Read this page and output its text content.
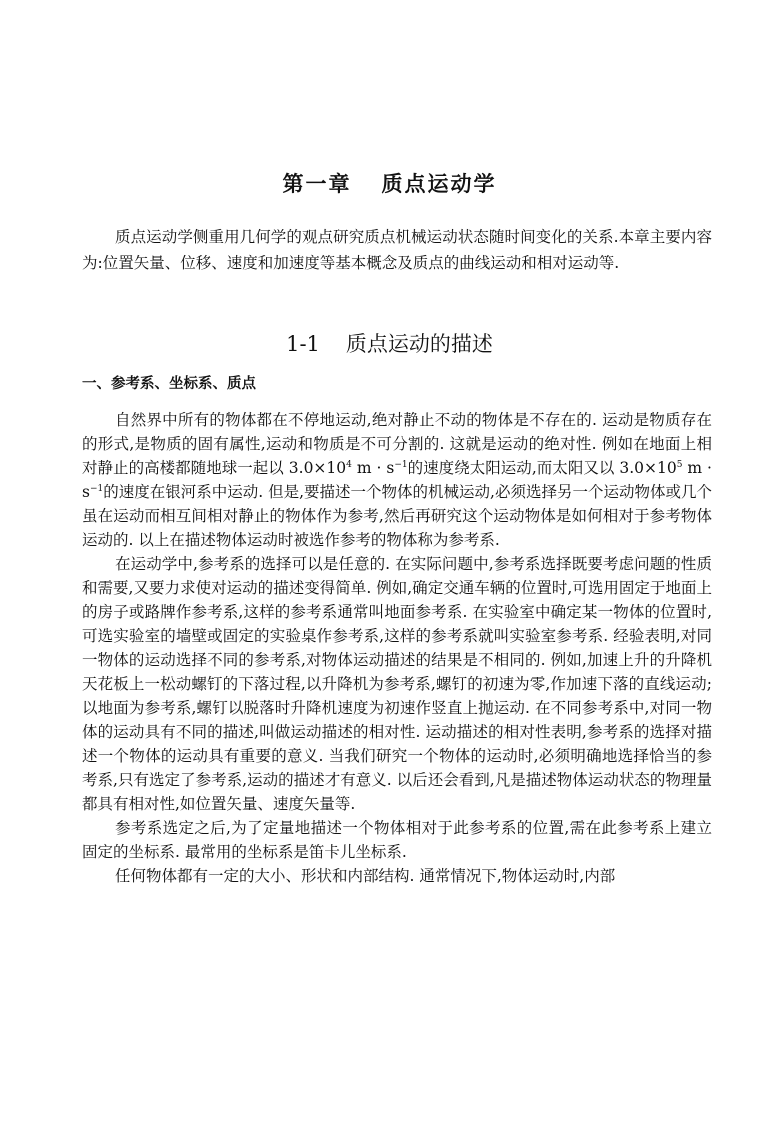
第一章 质点运动学

质点运动学侧重用几何学的观点研究质点机械运动状态随时间变化的关系.本章主要内容为:位置矢量、位移、速度和加速度等基本概念及质点的曲线运动和相对运动等.

1-1 质点运动的描述
一、参考系、坐标系、质点

自然界中所有的物体都在不停地运动,绝对静止不动的物体是不存在的. 运动是物质存在的形式,是物质的固有属性,运动和物质是不可分割的. 这就是运动的绝对性. 例如在地面上相对静止的高楼都随地球一起以 $3.0\times 10^4$ $m \cdot s^{-1}$的速度绕太阳运动,而太阳又以 $3.0\times 10^5$ $m \cdot s^{-1}$的速度在银河系中运动. 但是,要描述一个物体的机械运动,必须选择另一个运动物体或几个虽在运动而相互间相对静止的物体作为参考,然后再研究这个运动物体是如何相对于参考物体运动的. 以上在描述物体运动时被选作参考的物体称为参考系.

在运动学中,参考系的选择可以是任意的. 在实际问题中,参考系选择既要考虑问题的性质和需要,又要力求使对运动的描述变得简单. 例如,确定交通车辆的位置时,可选用固定于地面上的房子或路牌作参考系,这样的参考系通常叫地面参考系. 在实验室中确定某一物体的位置时,可选实验室的墙壁或固定的实验桌作参考系,这样的参考系就叫实验室参考系. 经验表明,对同一物体的运动选择不同的参考系,对物体运动描述的结果是不相同的. 例如,加速上升的升降机天花板上一松动螺钉的下落过程,以升降机为参考系,螺钉的初速为零,作加速下落的直线运动;以地面为参考系,螺钉以脱落时升降机速度为初速作竖直上抛运动. 在不同参考系中,对同一物体的运动具有不同的描述,叫做运动描述的相对性. 运动描述的相对性表明,参考系的选择对描述一个物体的运动具有重要的意义. 当我们研究一个物体的运动时,必须明确地选择恰当的参考系,只有选定了参考系,运动的描述才有意义. 以后还会看到,凡是描述物体运动状态的物理量都具有相对性,如位置矢量、速度矢量等.

参考系选定之后,为了定量地描述一个物体相对于此参考系的位置,需在此参考系上建立固定的坐标系. 最常用的坐标系是笛卡儿坐标系.

任何物体都有一定的大小、形状和内部结构. 通常情况下,物体运动时,内部
